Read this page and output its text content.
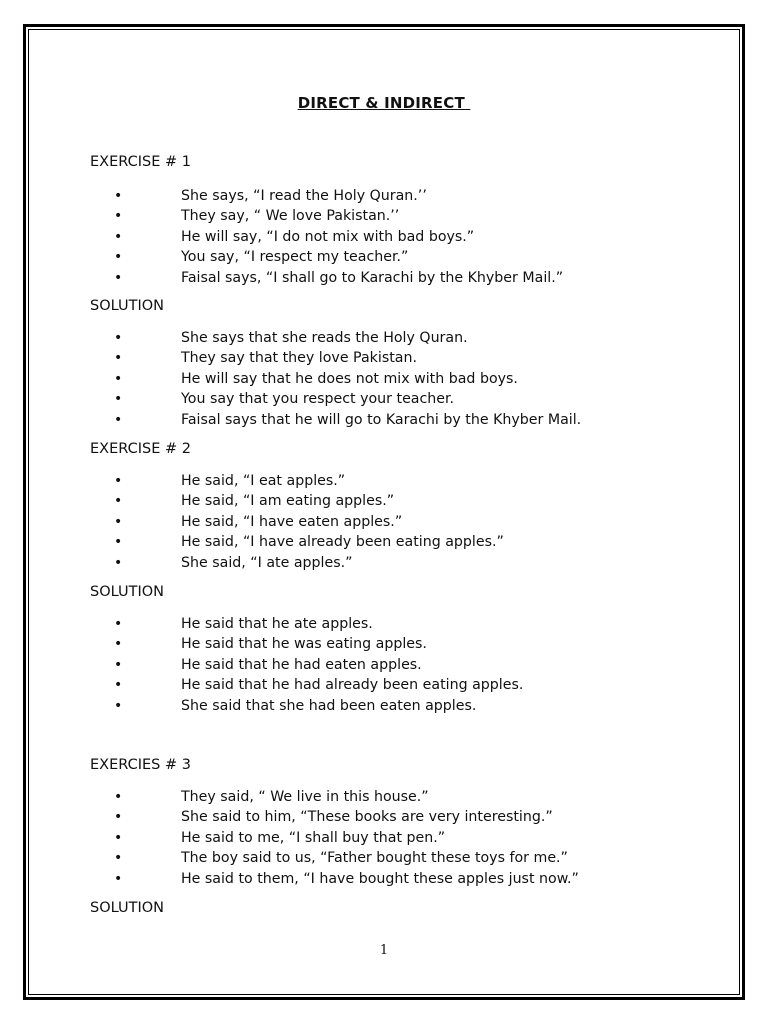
DIRECT & INDIRECT
EXERCISE # 1
•	She says, “I read the Holy Quran.’’
•	They say, “ We love Pakistan.’’
•	He will say, “I do not mix with bad boys.”
•	You say, “I respect my teacher.”
•	Faisal says, “I shall go to Karachi by the Khyber Mail.”
SOLUTION
•	She says that she reads the Holy Quran.
•	They say that they love Pakistan.
•	He will say that he does not mix with bad boys.
•	You say that you respect your teacher.
•	Faisal says that he will go to Karachi by the Khyber Mail.
EXERCISE # 2
•	He said, “I eat apples.”
•	He said, “I am eating apples.”
•	He said, “I have eaten apples.”
•	He said, “I have already been eating apples.”
•	She said, “I ate apples.”
SOLUTION
•	He said that he ate apples.
•	He said that he was eating apples.
•	He said that he had eaten apples.
•	He said that he had already been eating apples.
•	She said that she had been eaten apples.
EXERCIES # 3
•	They said, “ We live in this house.”
•	She said to him, “These books are very interesting.”
•	He said to me, “I shall buy that pen.”
•	The boy said to us, “Father bought these toys for me.”
•	He said to them, “I have bought these apples just now.”
SOLUTION
1
